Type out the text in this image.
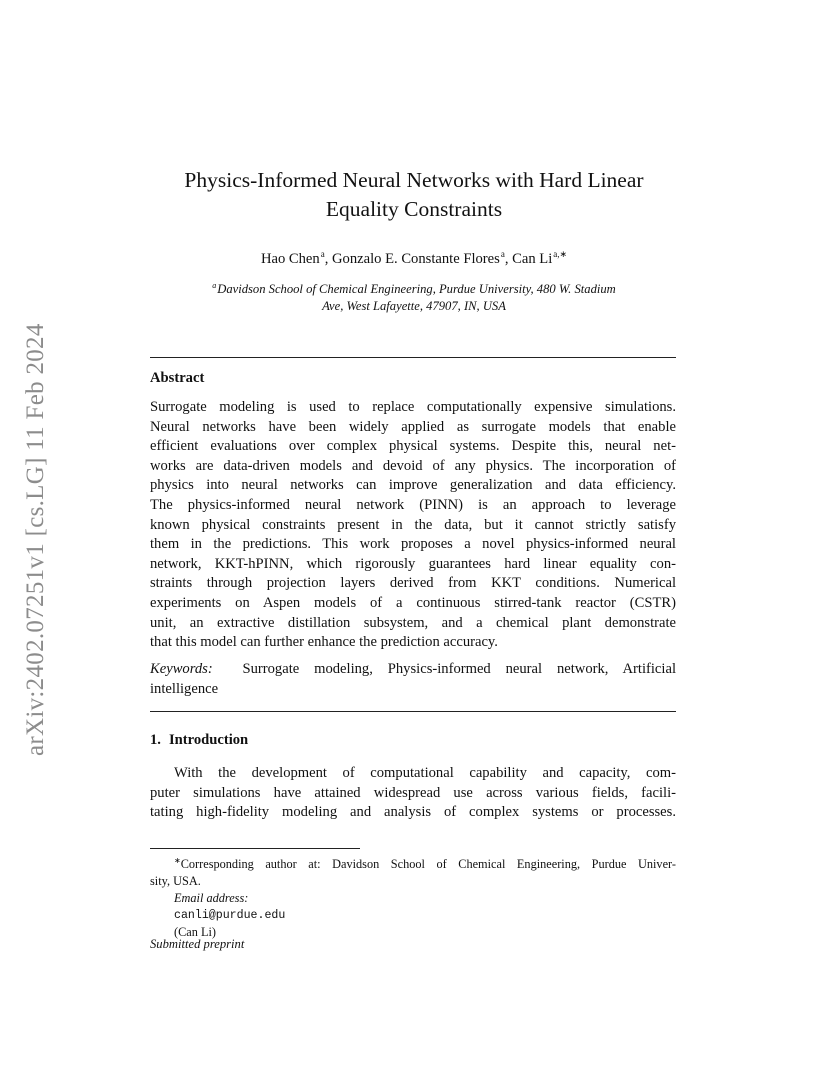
arXiv:2402.07251v1 [cs.LG] 11 Feb 2024
Physics-Informed Neural Networks with Hard Linear
Equality Constraints
Hao Chen$^a$, Gonzalo E. Constante Flores$^a$, Can $Li^{a,∗}$
$^a$Davidson School of Chemical Engineering, Purdue University, 480 W. Stadium
Ave, West Lafayette, 47907, IN, USA
Abstract
Surrogate modeling is used to replace computationally expensive simulations.
Neural networks have been widely applied as surrogate models that enable
efficient evaluations over complex physical systems. Despite this, neural net-
works are data-driven models and devoid of any physics. The incorporation of
physics into neural networks can improve generalization and data efficiency.
The physics-informed neural network (PINN) is an approach to leverage
known physical constraints present in the data, but it cannot strictly satisfy
them in the predictions. This work proposes a novel physics-informed neural
network, KKT-hPINN, which rigorously guarantees hard linear equality con-
straints through projection layers derived from KKT conditions. Numerical
experiments on Aspen models of a continuous stirred-tank reactor (CSTR)
unit, an extractive distillation subsystem, and a chemical plant demonstrate
that this model can further enhance the prediction accuracy.
Keywords: Surrogate modeling, Physics-informed neural network, Artificial
intelligence
1. Introduction
With the development of computational capability and capacity, com-
puter simulations have attained widespread use across various fields, facili-
tating high-fidelity modeling and analysis of complex systems or processes.
∗Corresponding author at: Davidson School of Chemical Engineering, Purdue Univer-
sity, USA.
Email address:
canli@purdue.edu
(Can Li)
Submitted preprint
